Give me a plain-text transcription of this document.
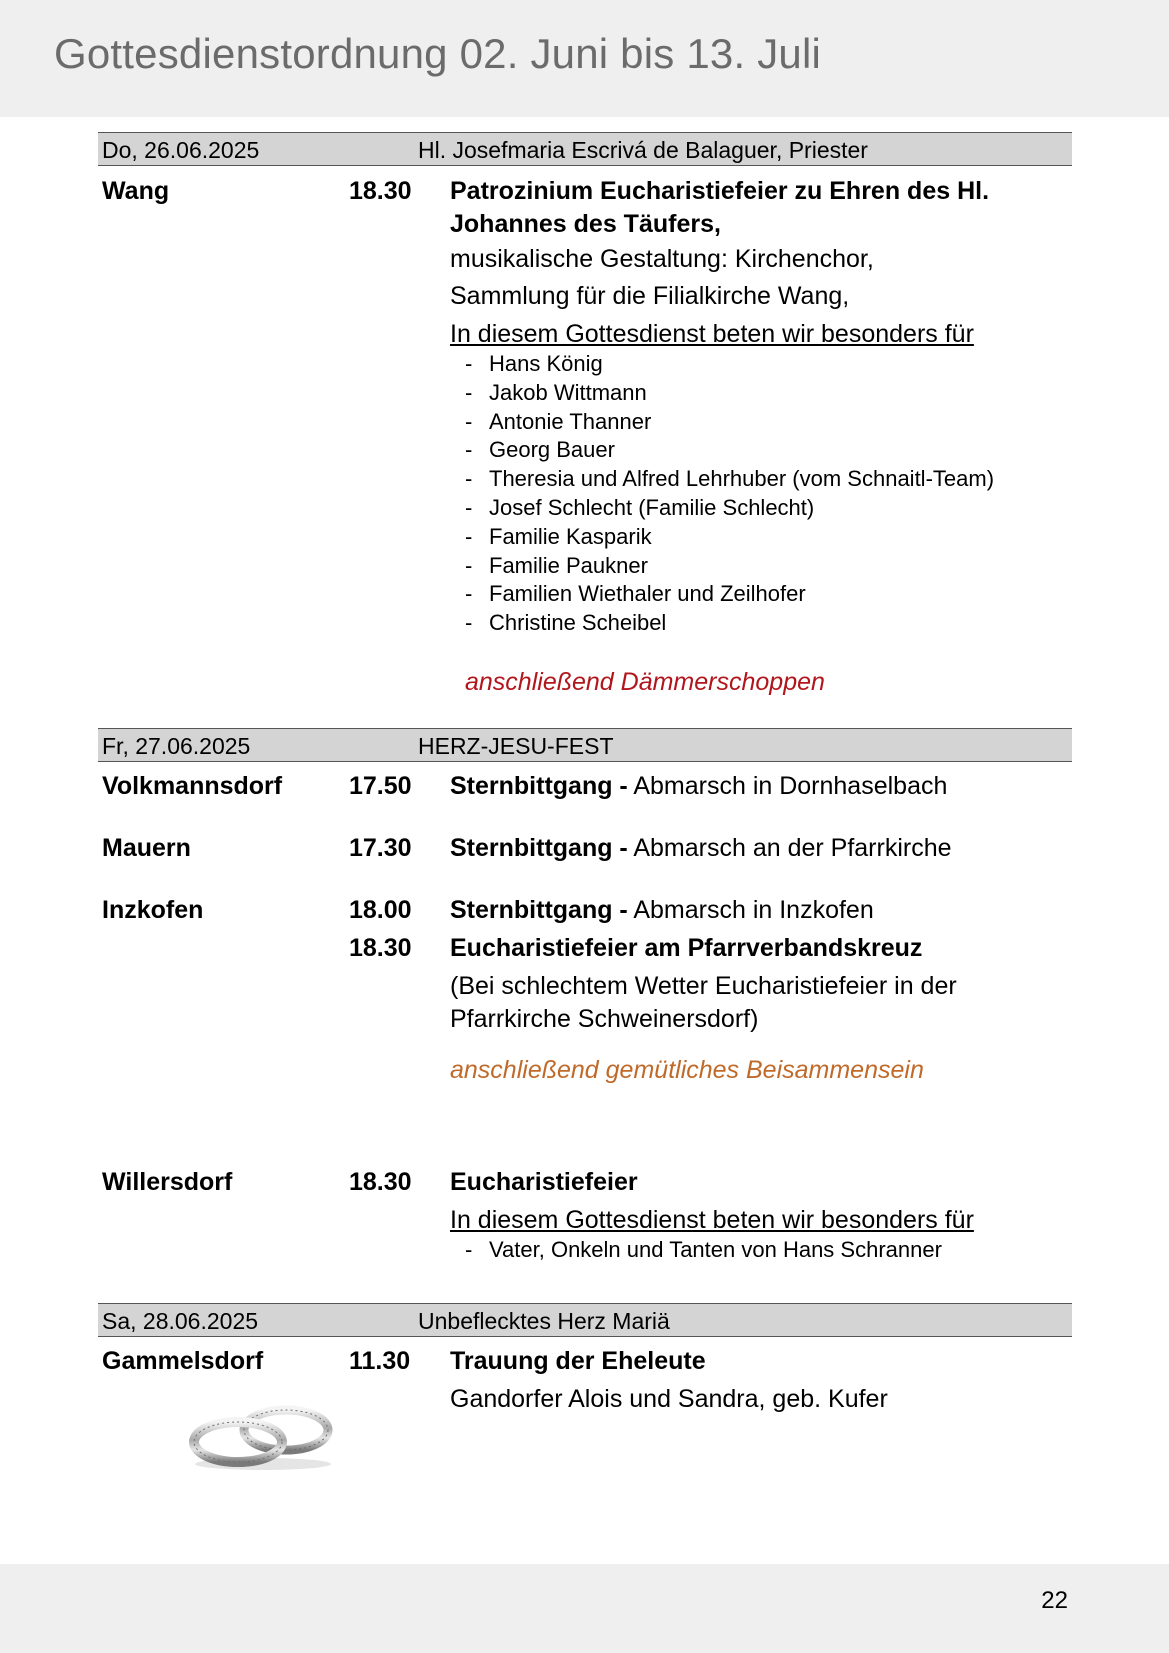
Gottesdienstordnung 02. Juni bis 13. Juli
Do, 26.06.2025	Hl. Josefmaria Escrivá de Balaguer, Priester
Wang	18.30 Patrozinium Eucharistiefeier zu Ehren des Hl.
Johannes des Täufers,
musikalische Gestaltung: Kirchenchor,
Sammlung für die Filialkirche Wang,
In diesem Gottesdienst beten wir besonders für
- Hans König
- Jakob Wittmann
- Antonie Thanner
- Georg Bauer
- Theresia und Alfred Lehrhuber (vom Schnaitl-Team)
- Josef Schlecht (Familie Schlecht)
- Familie Kasparik
- Familie Paukner
- Familien Wiethaler und Zeilhofer
- Christine Scheibel
anschließend Dämmerschoppen
Fr, 27.06.2025	HERZ-JESU-FEST
Volkmannsdorf	17.50 Sternbittgang - Abmarsch in Dornhaselbach
Mauern	17.30 Sternbittgang - Abmarsch an der Pfarrkirche
Inzkofen	18.00 Sternbittgang - Abmarsch in Inzkofen
18.30 Eucharistiefeier am Pfarrverbandskreuz
(Bei schlechtem Wetter Eucharistiefeier in der
Pfarrkirche Schweinersdorf)
anschließend gemütliches Beisammensein
Willersdorf	18.30 Eucharistiefeier
In diesem Gottesdienst beten wir besonders für
- Vater, Onkeln und Tanten von Hans Schranner
Sa, 28.06.2025	Unbeflecktes Herz Mariä
Gammelsdorf	11.30 Trauung der Eheleute
Gandorfer Alois und Sandra, geb. Kufer
22
